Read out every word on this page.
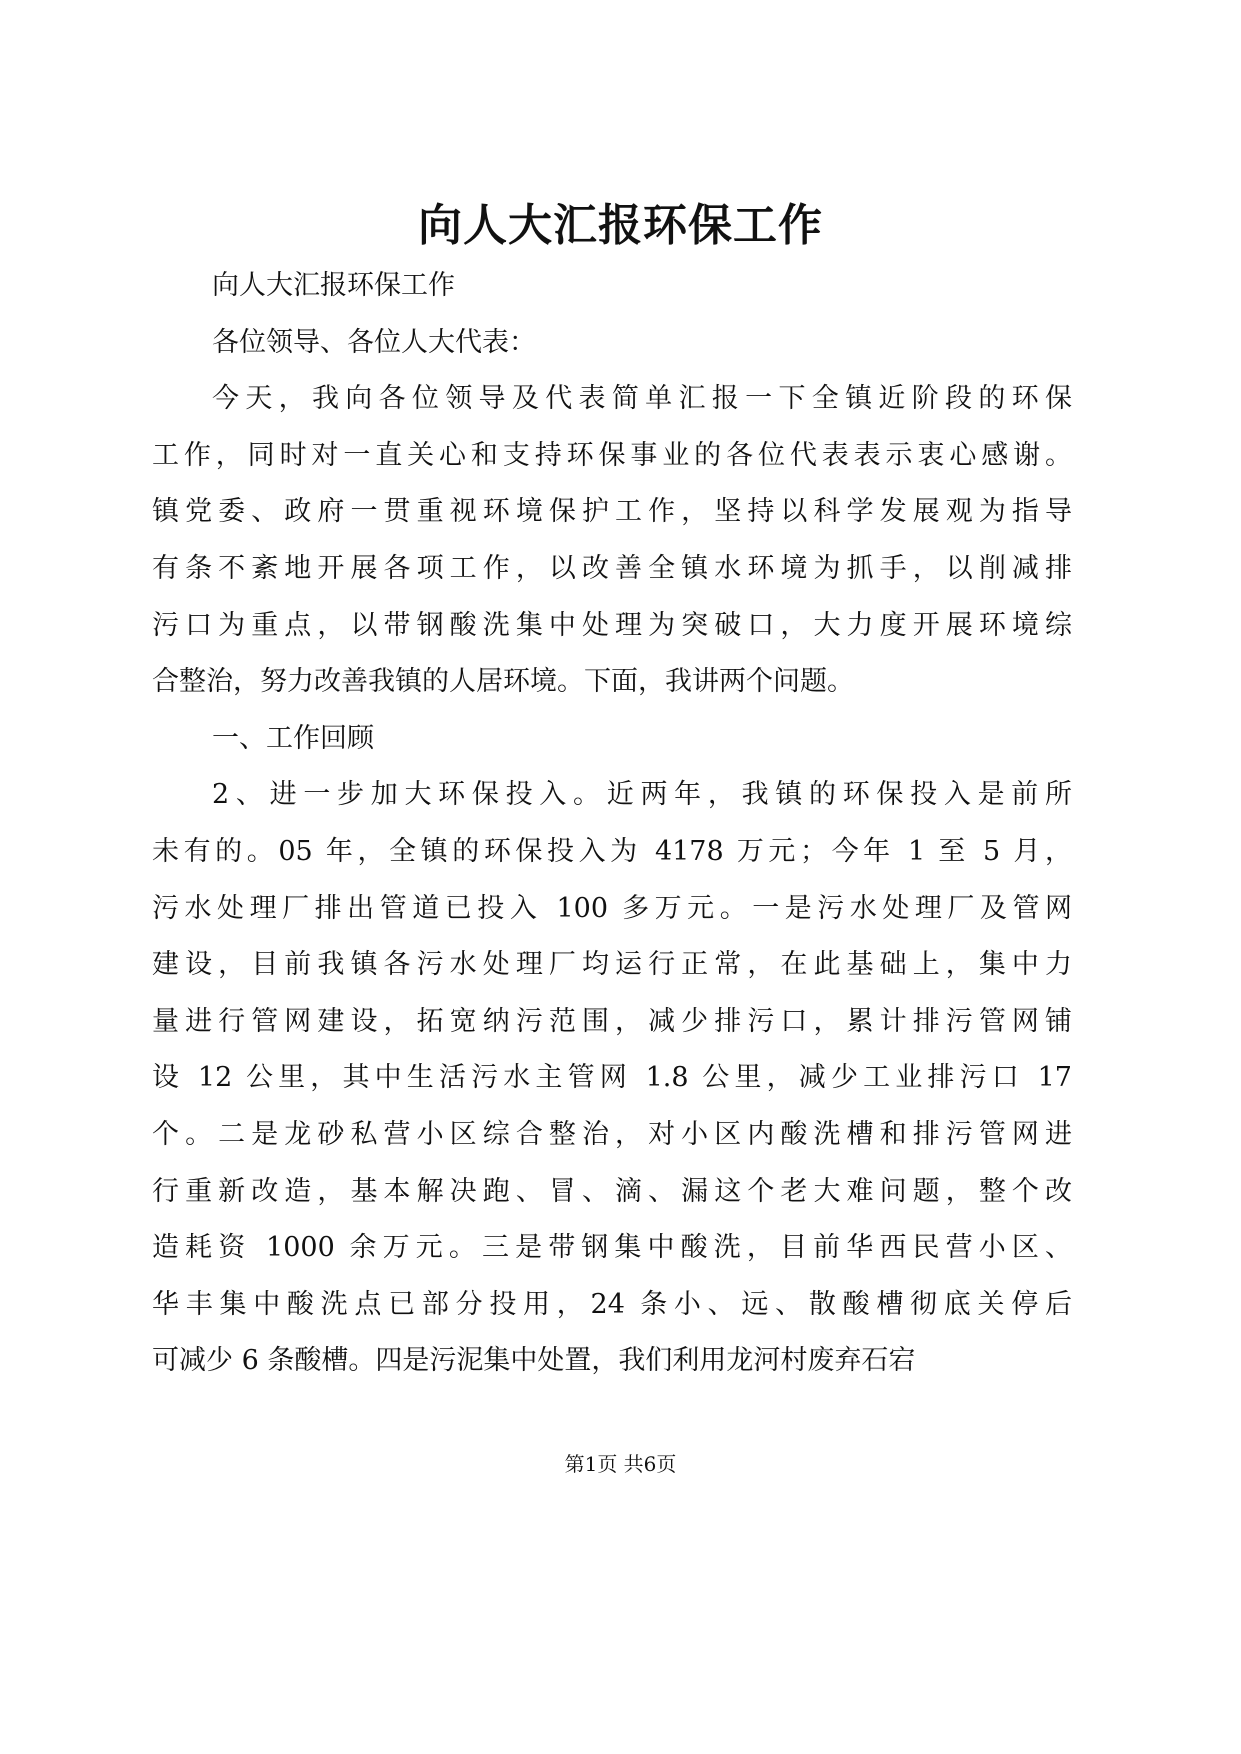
向人大汇报环保工作
向人大汇报环保工作
各位领导、各位人大代表：
今天，我向各位领导及代表简单汇报一下全镇近阶段的环保
工作，同时对一直关心和支持环保事业的各位代表表示衷心感谢。
镇党委、政府一贯重视环境保护工作，坚持以科学发展观为指导
有条不紊地开展各项工作，以改善全镇水环境为抓手，以削减排
污口为重点，以带钢酸洗集中处理为突破口，大力度开展环境综
合整治，努力改善我镇的人居环境。下面，我讲两个问题。
一、工作回顾
2、进一步加大环保投入。近两年，我镇的环保投入是前所
未有的。05 年，全镇的环保投入为 4178 万元；今年 1 至 5 月，
污水处理厂排出管道已投入 100 多万元。一是污水处理厂及管网
建设，目前我镇各污水处理厂均运行正常，在此基础上，集中力
量进行管网建设，拓宽纳污范围，减少排污口，累计排污管网铺
设 12 公里，其中生活污水主管网 1.8 公里，减少工业排污口 17
个。二是龙砂私营小区综合整治，对小区内酸洗槽和排污管网进
行重新改造，基本解决跑、冒、滴、漏这个老大难问题，整个改
造耗资 1000 余万元。三是带钢集中酸洗，目前华西民营小区、
华丰集中酸洗点已部分投用，24 条小、远、散酸槽彻底关停后
可减少 6 条酸槽。四是污泥集中处置，我们利用龙河村废弃石宕
第1页 共6页
